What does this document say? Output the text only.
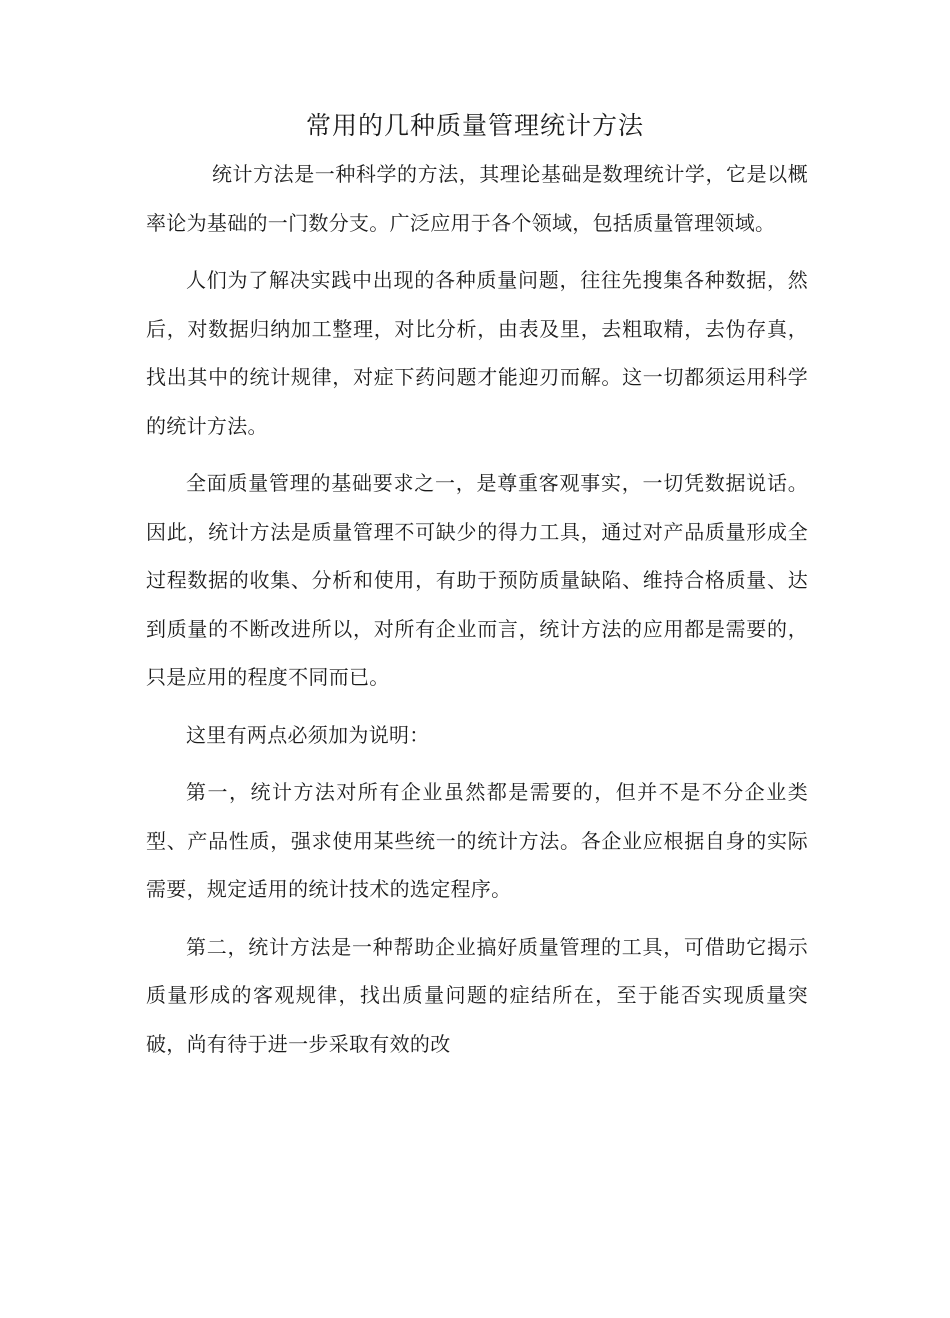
常用的几种质量管理统计方法

统计方法是一种科学的方法，其理论基础是数理统计学，它是以概率论为基础的一门数分支。广泛应用于各个领域，包括质量管理领域。

人们为了解决实践中出现的各种质量问题，往往先搜集各种数据，然后，对数据归纳加工整理，对比分析，由表及里，去粗取精，去伪存真，找出其中的统计规律，对症下药问题才能迎刃而解。这一切都须运用科学的统计方法。

全面质量管理的基础要求之一，是尊重客观事实，一切凭数据说话。因此，统计方法是质量管理不可缺少的得力工具，通过对产品质量形成全过程数据的收集、分析和使用，有助于预防质量缺陷、维持合格质量、达到质量的不断改进所以，对所有企业而言，统计方法的应用都是需要的，只是应用的程度不同而已。

这里有两点必须加为说明：

第一，统计方法对所有企业虽然都是需要的，但并不是不分企业类型、产品性质，强求使用某些统一的统计方法。各企业应根据自身的实际需要，规定适用的统计技术的选定程序。

第二，统计方法是一种帮助企业搞好质量管理的工具，可借助它揭示质量形成的客观规律，找出质量问题的症结所在，至于能否实现质量突破，尚有待于进一步采取有效的改
